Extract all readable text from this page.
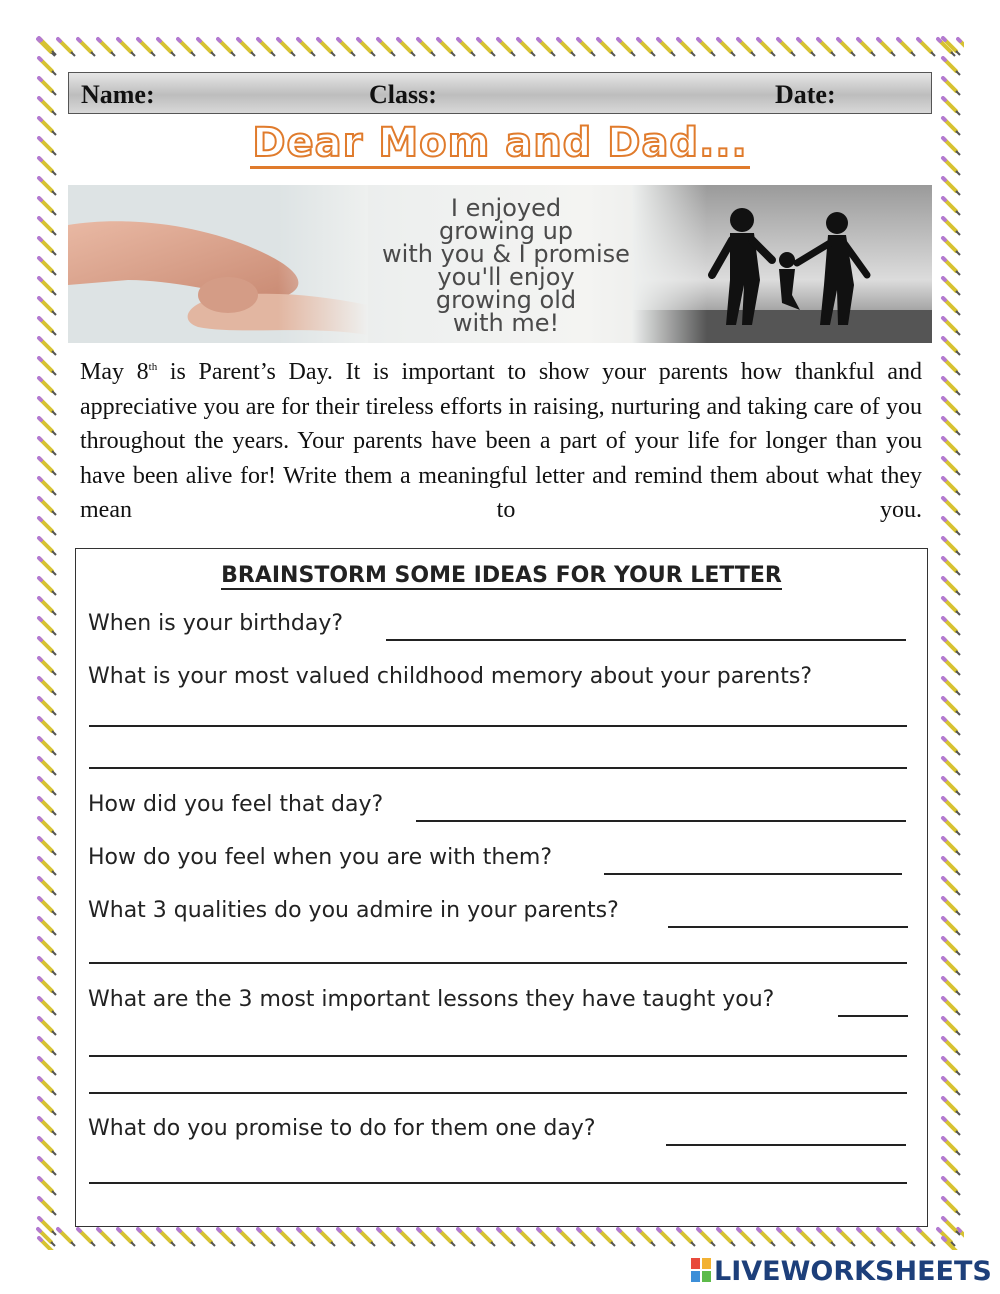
Name:	Class:	Date:
Dear Mom and Dad...
I enjoyed
growing up
with you & I promise
you'll enjoy
growing old
with me!
May 8th is Parent’s Day. It is important to show your parents how thankful and appreciative you are for their tireless efforts in raising, nurturing and taking care of you throughout the years. Your parents have been a part of your life for longer than you have been alive for! Write them a meaningful letter and remind them about what they mean to you.
BRAINSTORM SOME IDEAS FOR YOUR LETTER
When is your birthday?
What is your most valued childhood memory about your parents?
How did you feel that day?
How do you feel when you are with them?
What 3 qualities do you admire in your parents?
What are the 3 most important lessons they have taught you?
What do you promise to do for them one day?
LIVEWORKSHEETS
